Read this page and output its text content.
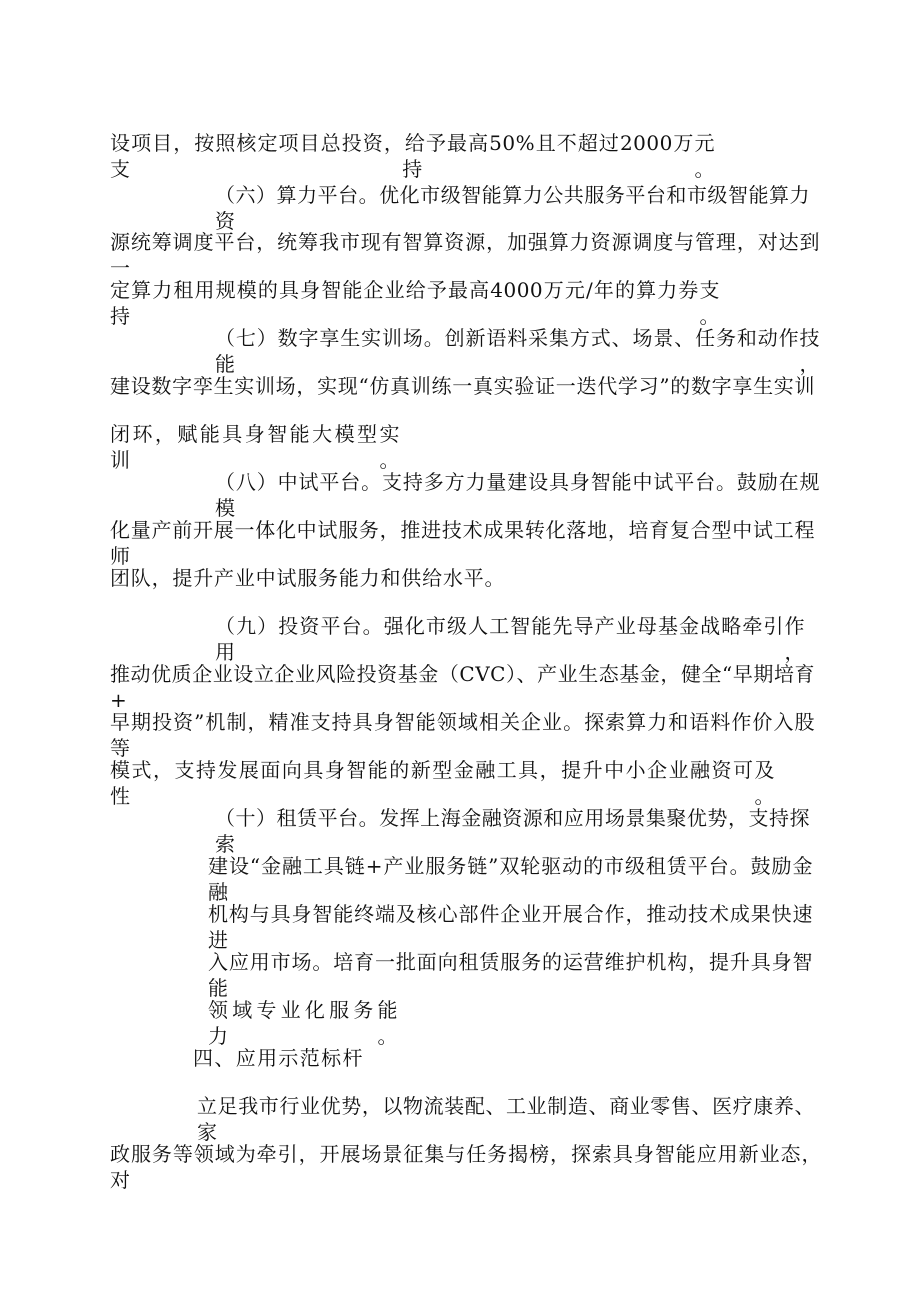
设项目，按照核定项目总投资，给予最高50%且不超过2000万元支持。
（六）算力平台。优化市级智能算力公共服务平台和市级智能算力资
源统筹调度平台，统筹我市现有智算资源，加强算力资源调度与管理，对达到一
定算力租用规模的具身智能企业给予最高4000万元/年的算力券支持。
（七）数字享生实训场。创新语料采集方式、场景、任务和动作技能，
建设数字孪生实训场，实现“仿真训练一真实验证一迭代学习”的数字享生实训
闭环，赋能具身智能大模型实训。
（八）中试平台。支持多方力量建设具身智能中试平台。鼓励在规模
化量产前开展一体化中试服务，推进技术成果转化落地，培育复合型中试工程师
团队，提升产业中试服务能力和供给水平。
（九）投资平台。强化市级人工智能先导产业母基金战略牵引作用，
推动优质企业设立企业风险投资基金（CVC）、产业生态基金，健全“早期培育+
早期投资”机制，精准支持具身智能领域相关企业。探索算力和语料作价入股等
模式，支持发展面向具身智能的新型金融工具，提升中小企业融资可及性。
（十）租赁平台。发挥上海金融资源和应用场景集聚优势，支持探索
建设“金融工具链+产业服务链”双轮驱动的市级租赁平台。鼓励金融
机构与具身智能终端及核心部件企业开展合作，推动技术成果快速进
入应用市场。培育一批面向租赁服务的运营维护机构，提升具身智能
领域专业化服务能力。
四、应用示范标杆
立足我市行业优势，以物流装配、工业制造、商业零售、医疗康养、家
政服务等领域为牵引，开展场景征集与任务揭榜，探索具身智能应用新业态，对
